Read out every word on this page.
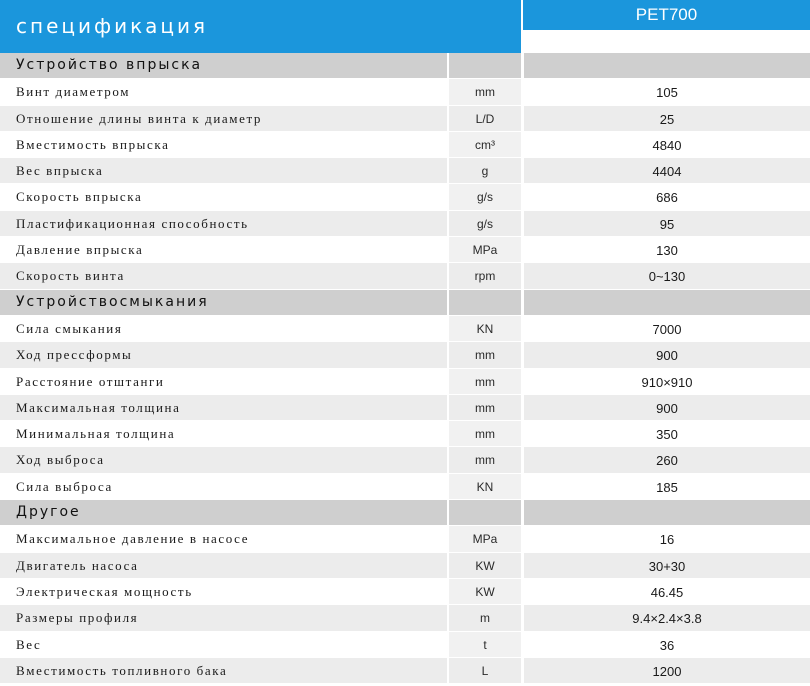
спецификация	PET700
Устройство впрыска
Винт диаметром	mm	105
Отношение длины винта к диаметр	L/D	25
Вместимость впрыска	cm³	4840
Вес впрыска	g	4404
Скорость впрыска	g/s	686
Пластификационная способность	g/s	95
Давление впрыска	MPa	130
Скорость винта	rpm	0~130
Устройствосмыкания
Сила смыкания	KN	7000
Ход прессформы	mm	900
Расстояние отштанги	mm	910×910
Максимальная толщина	mm	900
Минимальная толщина	mm	350
Ход выброса	mm	260
Сила выброса	KN	185
Другое
Максимальное давление в насосе	MPa	16
Двигатель насоса	KW	30+30
Электрическая мощность	KW	46.45
Размеры профиля	m	9.4×2.4×3.8
Вес	t	36
Вместимость топливного бака	L	1200
